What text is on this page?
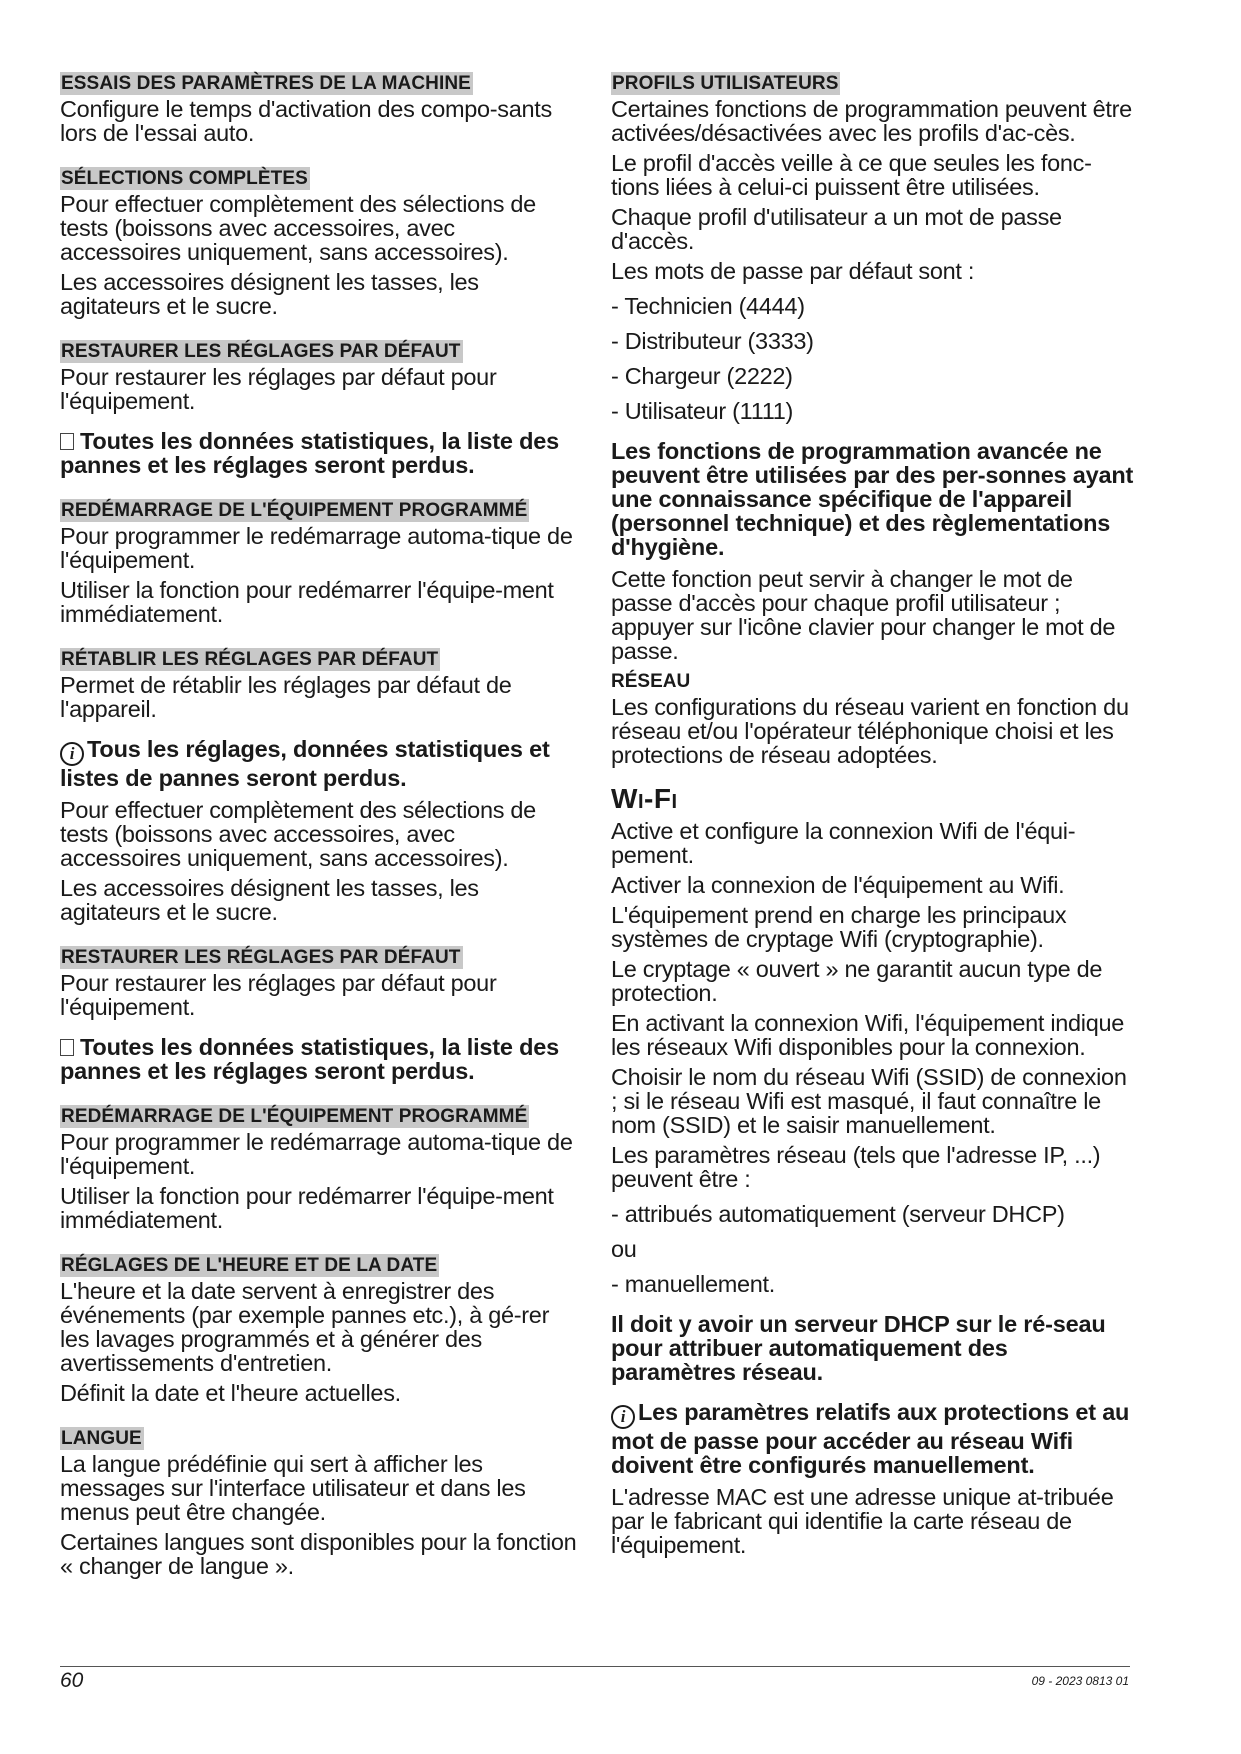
ESSAIS DES PARAMÈTRES DE LA MACHINE

Configure le temps d'activation des compo-sants lors de l'essai auto.

SÉLECTIONS COMPLÈTES

Pour effectuer complètement des sélections de tests (boissons avec accessoires, avec accessoires uniquement, sans accessoires).

Les accessoires désignent les tasses, les agitateurs et le sucre.

RESTAURER LES RÉGLAGES PAR DÉFAUT

Pour restaurer les réglages par défaut pour l'équipement.

Toutes les données statistiques, la liste des pannes et les réglages seront perdus.

REDÉMARRAGE DE L'ÉQUIPEMENT PROGRAMMÉ

Pour programmer le redémarrage automa-tique de l'équipement.

Utiliser la fonction pour redémarrer l'équipe-ment immédiatement.

RÉTABLIR LES RÉGLAGES PAR DÉFAUT

Permet de rétablir les réglages par défaut de l'appareil.

i Tous les réglages, données statistiques et listes de pannes seront perdus.

Pour effectuer complètement des sélections de tests (boissons avec accessoires, avec accessoires uniquement, sans accessoires).

Les accessoires désignent les tasses, les agitateurs et le sucre.

RESTAURER LES RÉGLAGES PAR DÉFAUT

Pour restaurer les réglages par défaut pour l'équipement.

Toutes les données statistiques, la liste des pannes et les réglages seront perdus.

REDÉMARRAGE DE L'ÉQUIPEMENT PROGRAMMÉ

Pour programmer le redémarrage automa-tique de l'équipement.

Utiliser la fonction pour redémarrer l'équipe-ment immédiatement.

RÉGLAGES DE L'HEURE ET DE LA DATE

L'heure et la date servent à enregistrer des événements (par exemple pannes etc.), à gé-rer les lavages programmés et à générer des avertissements d'entretien.

Définit la date et l'heure actuelles.

LANGUE

La langue prédéfinie qui sert à afficher les messages sur l'interface utilisateur et dans les menus peut être changée.

Certaines langues sont disponibles pour la fonction « changer de langue ».

PROFILS UTILISATEURS

Certaines fonctions de programmation peuvent être activées/désactivées avec les profils d'ac-cès.

Le profil d'accès veille à ce que seules les fonc-tions liées à celui-ci puissent être utilisées.

Chaque profil d'utilisateur a un mot de passe d'accès.

Les mots de passe par défaut sont :

- Technicien (4444)

- Distributeur (3333)

- Chargeur (2222)

- Utilisateur (1111)

Les fonctions de programmation avancée ne peuvent être utilisées par des per-sonnes ayant une connaissance spécifique de l'appareil (personnel technique) et des règlementations d'hygiène.

Cette fonction peut servir à changer le mot de passe d'accès pour chaque profil utilisateur ; appuyer sur l'icône clavier pour changer le mot de passe.

RÉSEAU

Les configurations du réseau varient en fonction du réseau et/ou l'opérateur téléphonique choisi et les protections de réseau adoptées.

WI-FI

Active et configure la connexion Wifi de l'équi-pement.

Activer la connexion de l'équipement au Wifi.

L'équipement prend en charge les principaux systèmes de cryptage Wifi (cryptographie).

Le cryptage « ouvert » ne garantit aucun type de protection.

En activant la connexion Wifi, l'équipement indique les réseaux Wifi disponibles pour la connexion.

Choisir le nom du réseau Wifi (SSID) de connexion ; si le réseau Wifi est masqué, il faut connaître le nom (SSID) et le saisir manuellement.

Les paramètres réseau (tels que l'adresse IP, ...) peuvent être :

- attribués automatiquement (serveur DHCP)

ou

- manuellement.

Il doit y avoir un serveur DHCP sur le ré-seau pour attribuer automatiquement des paramètres réseau.

i Les paramètres relatifs aux protections et au mot de passe pour accéder au réseau Wifi doivent être configurés manuellement.

L'adresse MAC est une adresse unique at-tribuée par le fabricant qui identifie la carte réseau de l'équipement.

60	09 - 2023 0813 01
